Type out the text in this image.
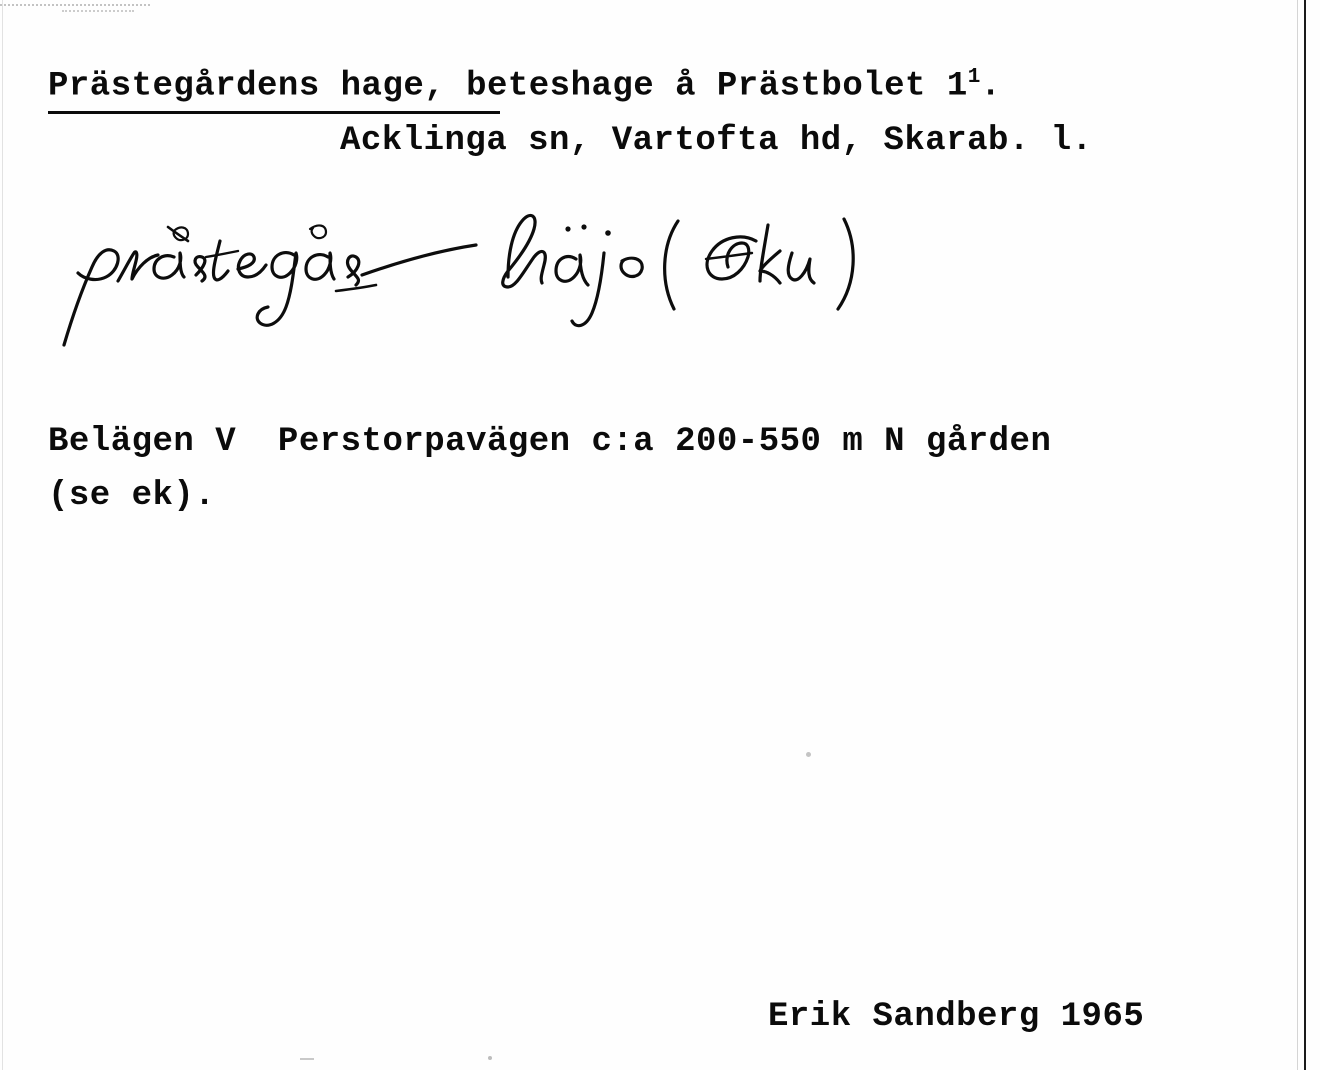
Prästegårdens hage, beteshage å Prästbolet $1^1$.
Acklinga sn, Vartofta hd, Skarab. l.
Belägen V  Perstorpavägen c:a 200-550 m N gården
(se ek).
Erik Sandberg 1965
